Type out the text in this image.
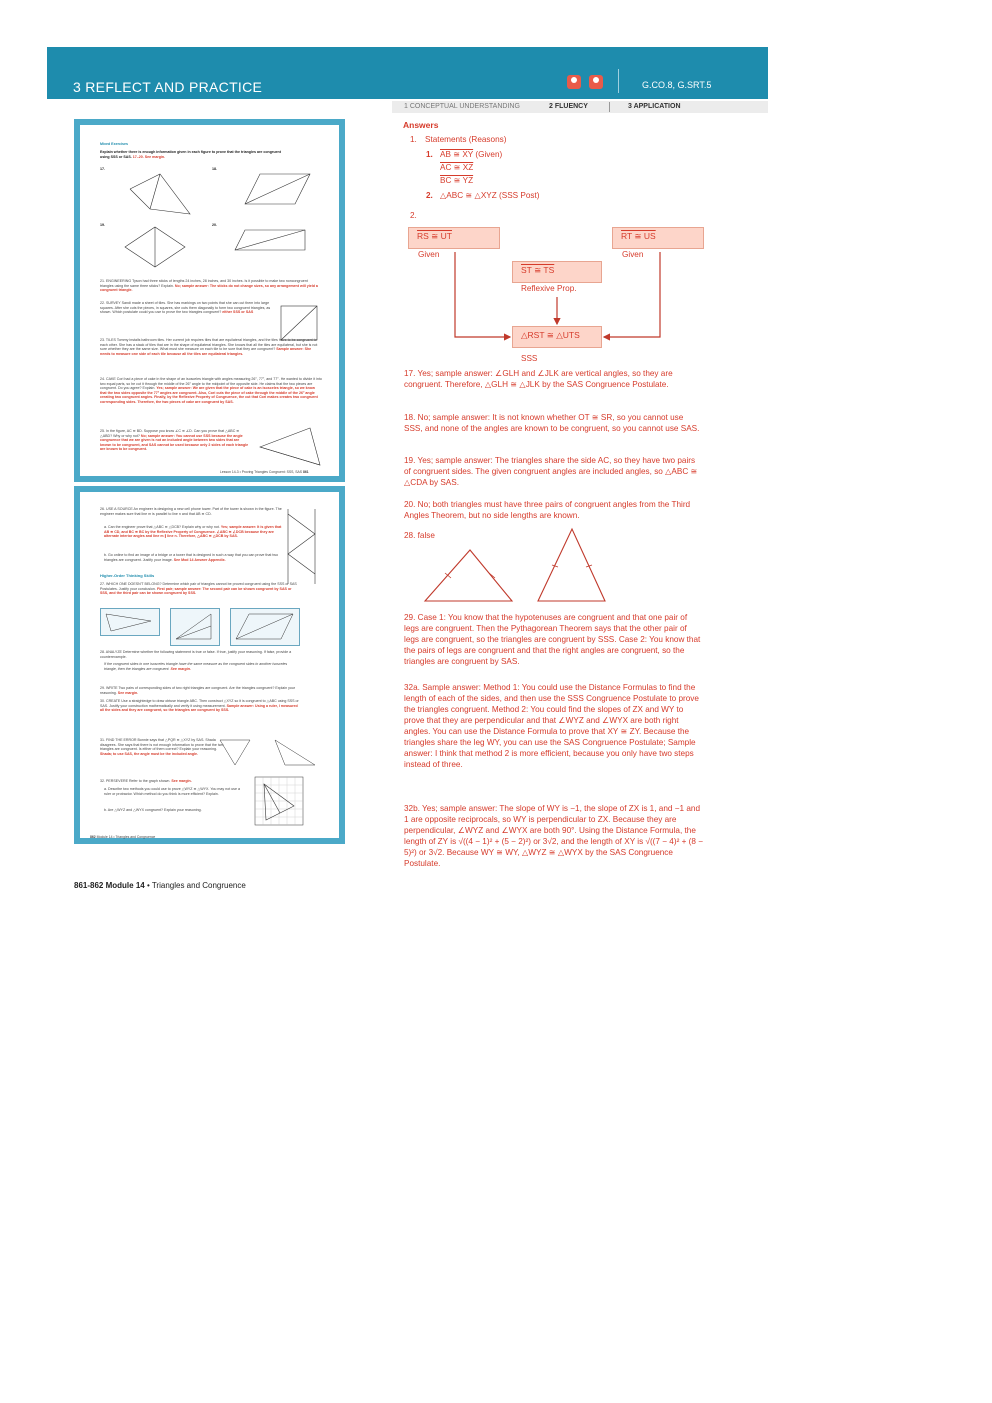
3 REFLECT AND PRACTICE
	G.CO.8, G.SRT.5
1 CONCEPTUAL UNDERSTANDING	2 FLUENCY	3 APPLICATION
Mixed Exercises
Explain whether there is enough information given in each figure to prove that the triangles are congruent using SSS or SAS. 17–20. See margin.
17.	18.
19.	20.
21. ENGINEERING Tyson had three sticks of lengths 24 inches, 28 inches, and 30 inches. Is it possible to make two noncongruent triangles using the same three sticks? Explain. No; sample answer: The sticks do not change sizes, so any arrangement will yield a congruent triangle.
22. SURVEY Sandi made a sheet of tiles. She has markings on two points that she can cut them into large squares. After she cuts the pieces, in squares, she cuts them diagonally to form two congruent triangles, as shown. Which postulate could you use to prove the two triangles congruent? either SSS or SAS
23. TILES Tommy installs bathroom tiles. Her current job requires tiles that are equilateral triangles, and the tiles have to be congruent to each other. She has a stack of tiles that are in the shape of equilateral triangles. She knows that all the tiles are equilateral, but she is not sure whether they are the same size. What must she measure on each tile to be sure that they are congruent? Sample answer: She needs to measure one side of each tile because all the tiles are equilateral triangles.
24. CAKE Cori had a piece of cake in the shape of an isosceles triangle with angles measuring 26°, 77°, and 77°. He wanted to divide it into two equal parts, so he cut it through the middle of the 26° angle to the midpoint of the opposite side. He claims that the two pieces are congruent. Do you agree? Explain. Yes; sample answer: We are given that the piece of cake is an isosceles triangle, so we know that the two sides opposite the 77° angles are congruent. Also, Cori cuts the piece of cake through the middle of the 26° angle creating two congruent angles. Finally, by the Reflexive Property of Congruence, the cut that Cori makes creates two congruent corresponding sides. Therefore, the two pieces of cake are congruent by SAS.
25. In the figure, AC ≅ BD. Suppose you know ∠C ≅ ∠D. Can you prove that △ABC ≅ △ABD? Why or why not? No; sample answer: You cannot use SSS because the angle congruence that we are given is not an included angle between two sides that are known to be congruent, and SAS cannot be used because only 2 sides of each triangle are known to be congruent.
Lesson 14-3 • Proving Triangles Congruent: SSS, SAS 861
26. USE A SOURCE An engineer is designing a new cell phone tower. Part of the tower is shown in the figure. The engineer makes sure that line m is parallel to line n and that AB ≅ CD.
a. Can the engineer prove that △ABC ≅ △DCB? Explain why or why not. Yes; sample answer: It is given that AB ≅ CD, and BC ≅ BC by the Reflexive Property of Congruence. ∠ABC ≅ ∠DCB because they are alternate interior angles and line m ∥ line n. Therefore, △ABC ≅ △DCB by SAS.
b. Go online to find an image of a bridge or a tower that is designed in such a way that you can prove that two triangles are congruent. Justify your image. See Mod 14 Answer Appendix.
Higher-Order Thinking Skills
27. WHICH ONE DOESN'T BELONG? Determine which pair of triangles cannot be proved congruent using the SSS or SAS Postulates. Justify your conclusion. First pair; sample answer: The second pair can be shown congruent by SAS or SSS, and the third pair can be shown congruent by SSS.
28. ANALYZE Determine whether the following statement is true or false. If true, justify your reasoning. If false, provide a counterexample.
If the congruent sides in one isosceles triangle have the same measure as the congruent sides in another isosceles triangle, then the triangles are congruent. See margin.
29. WRITE Two pairs of corresponding sides of two right triangles are congruent. Are the triangles congruent? Explain your reasoning. See margin.
30. CREATE Use a straightedge to draw obtuse triangle ABC. Then construct △XYZ so it is congruent to △ABC using SSS or SAS. Justify your construction mathematically and verify it using measurement. Sample answer: Using a ruler, I measured all the sides and they are congruent, so the triangles are congruent by SSS.
31. FIND THE ERROR Bonnie says that △PQR ≅ △XYZ by SAS. Shada disagrees. She says that there is not enough information to prove that the two triangles are congruent. Is either of them correct? Explain your reasoning. Shada; to use SAS, the angle must be the included angle.
32. PERSEVERE Refer to the graph shown. See margin.
a. Describe two methods you could use to prove △WYZ ≅ △WYX. You may not use a ruler or protractor. Which method do you think is more efficient? Explain.
b. Are △WYZ and △WYX congruent? Explain your reasoning.
862 Module 14 • Triangles and Congruence
861-862 Module 14 • Triangles and Congruence
Answers
1. Statements (Reasons)
1. AB ≅ XY (Given)
AC ≅ XZ
BC ≅ YZ
2. △ABC ≅ △XYZ (SSS Post)
2.
RS ≅ UT
Given
RT ≅ US
Given
ST ≅ TS
Reflexive Prop.
△RST ≅ △UTS
SSS
17. Yes; sample answer: ∠GLH and ∠JLK are vertical angles, so they are congruent. Therefore, △GLH ≅ △JLK by the SAS Congruence Postulate.
18. No; sample answer: It is not known whether OT ≅ SR, so you cannot use SSS, and none of the angles are known to be congruent, so you cannot use SAS.
19. Yes; sample answer: The triangles share the side AC, so they have two pairs of congruent sides. The given congruent angles are included angles, so △ABC ≅ △CDA by SAS.
20. No; both triangles must have three pairs of congruent angles from the Third Angles Theorem, but no side lengths are known.
28. false
29. Case 1: You know that the hypotenuses are congruent and that one pair of legs are congruent. Then the Pythagorean Theorem says that the other pair of legs are congruent, so the triangles are congruent by SSS. Case 2: You know that the pairs of legs are congruent and that the right angles are congruent, so the triangles are congruent by SAS.
32a. Sample answer: Method 1: You could use the Distance Formulas to find the length of each of the sides, and then use the SSS Congruence Postulate to prove the triangles congruent. Method 2: You could find the slopes of ZX and WY to prove that they are perpendicular and that ∠WYZ and ∠WYX are both right angles. You can use the Distance Formula to prove that XY ≅ ZY. Because the triangles share the leg WY, you can use the SAS Congruence Postulate; Sample answer: I think that method 2 is more efficient, because you only have two steps instead of three.
32b. Yes; sample answer: The slope of WY is −1, the slope of ZX is 1, and −1 and 1 are opposite reciprocals, so WY is perpendicular to ZX. Because they are perpendicular, ∠WYZ and ∠WYX are both 90°. Using the Distance Formula, the length of ZY is √((4 − 1)² + (5 − 2)²) or 3√2, and the length of XY is √((7 − 4)² + (8 − 5)²) or 3√2. Because WY ≅ WY, △WYZ ≅ △WYX by the SAS Congruence Postulate.
